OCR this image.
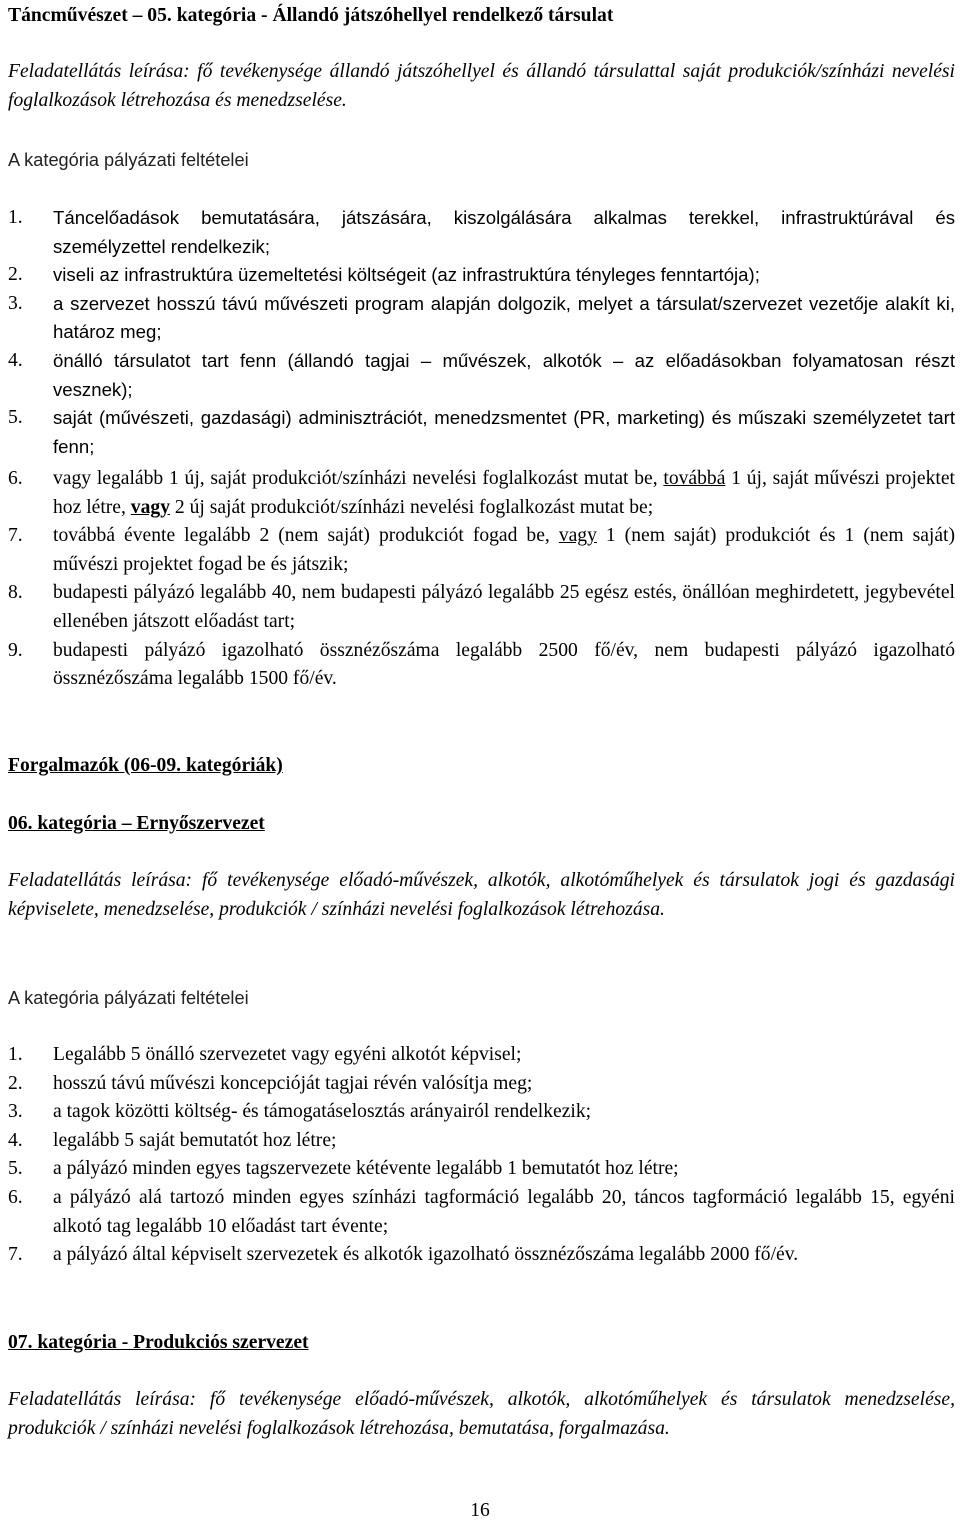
Táncművészet – 05. kategória - Állandó játszóhellyel rendelkező társulat

Feladatellátás leírása: fő tevékenysége állandó játszóhellyel és állandó társulattal saját produkciók/színházi nevelési foglalkozások létrehozása és menedzselése.

A kategória pályázati feltételei

1.	Táncelőadások bemutatására, játszására, kiszolgálására alkalmas terekkel, infrastruktúrával és személyzettel rendelkezik;
2.	viseli az infrastruktúra üzemeltetési költségeit (az infrastruktúra tényleges fenntartója);
3.	a szervezet hosszú távú művészeti program alapján dolgozik, melyet a társulat/szervezet vezetője alakít ki, határoz meg;
4.	önálló társulatot tart fenn (állandó tagjai – művészek, alkotók – az előadásokban folyamatosan részt vesznek);
5.	saját (művészeti, gazdasági) adminisztrációt, menedzsmentet (PR, marketing) és műszaki személyzetet tart fenn;
6.	vagy legalább 1 új, saját produkciót/színházi nevelési foglalkozást mutat be, továbbá 1 új, saját művészi projektet hoz létre, vagy 2 új saját produkciót/színházi nevelési foglalkozást mutat be;
7.	továbbá évente legalább 2 (nem saját) produkciót fogad be, vagy 1 (nem saját) produkciót és 1 (nem saját) művészi projektet fogad be és játszik;
8.	budapesti pályázó legalább 40, nem budapesti pályázó legalább 25 egész estés, önállóan meghirdetett, jegybevétel ellenében játszott előadást tart;
9.	budapesti pályázó igazolható össznézőszáma legalább 2500 fő/év, nem budapesti pályázó igazolható össznézőszáma legalább 1500 fő/év.

Forgalmazók (06-09. kategóriák)

06. kategória – Ernyőszervezet

Feladatellátás leírása: fő tevékenysége előadó-művészek, alkotók, alkotóműhelyek és társulatok jogi és gazdasági képviselete, menedzselése, produkciók / színházi nevelési foglalkozások létrehozása.

A kategória pályázati feltételei

1.	Legalább 5 önálló szervezetet vagy egyéni alkotót képvisel;
2.	hosszú távú művészi koncepcióját tagjai révén valósítja meg;
3.	a tagok közötti költség- és támogatáselosztás arányairól rendelkezik;
4.	legalább 5 saját bemutatót hoz létre;
5.	a pályázó minden egyes tagszervezete kétévente legalább 1 bemutatót hoz létre;
6.	a pályázó alá tartozó minden egyes színházi tagformáció legalább 20, táncos tagformáció legalább 15, egyéni alkotó tag legalább 10 előadást tart évente;
7.	a pályázó által képviselt szervezetek és alkotók igazolható össznézőszáma legalább 2000 fő/év.

07. kategória - Produkciós szervezet

Feladatellátás leírása: fő tevékenysége előadó-művészek, alkotók, alkotóműhelyek és társulatok menedzselése, produkciók / színházi nevelési foglalkozások létrehozása, bemutatása, forgalmazása.

16
